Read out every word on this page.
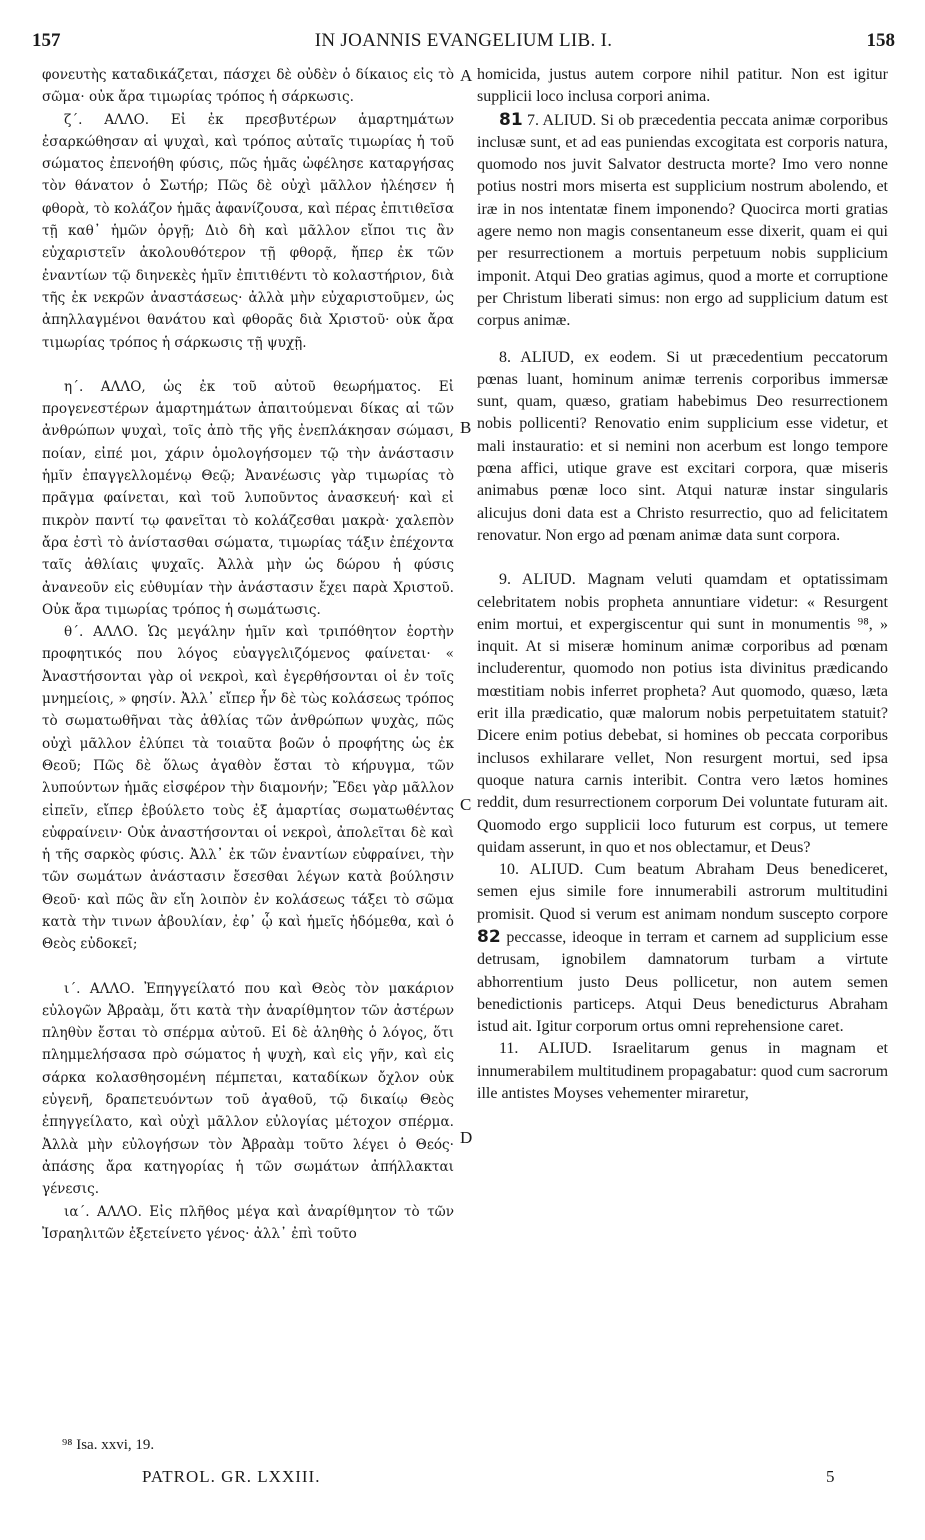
157	IN JOANNIS EVANGELIUM LIB. I.	158
A
B
C
D

φονευτὴς καταδικάζεται, πάσχει δὲ οὐδὲν ὁ δίκαιος εἰς τὸ σῶμα· οὐκ ἄρα τιμωρίας τρόπος ἡ σάρκωσις.

ζ΄. ΑΛΛΟ. Εἰ ἐκ πρεσβυτέρων ἁμαρτημάτων ἐσαρκώθησαν αἱ ψυχαὶ, καὶ τρόπος αὐταῖς τιμωρίας ἡ τοῦ σώματος ἐπενοήθη φύσις, πῶς ἡμᾶς ὠφέλησε καταργήσας τὸν θάνατον ὁ Σωτήρ; Πῶς δὲ οὐχὶ μᾶλλον ἠλέησεν ἡ φθορὰ, τὸ κολάζον ἡμᾶς ἀφανίζουσα, καὶ πέρας ἐπιτιθεῖσα τῇ καθ᾽ ἡμῶν ὀργῇ; Διὸ δὴ καὶ μᾶλλον εἴποι τις ἂν εὐχαριστεῖν ἀκολουθότερον τῇ φθορᾷ, ἤπερ ἐκ τῶν ἐναντίων τῷ διηνεκὲς ἡμῖν ἐπιτιθέντι τὸ κολαστήριον, διὰ τῆς ἐκ νεκρῶν ἀναστάσεως· ἀλλὰ μὴν εὐχαριστοῦμεν, ὡς ἀπηλλαγμένοι θανάτου καὶ φθορᾶς διὰ Χριστοῦ· οὐκ ἄρα τιμωρίας τρόπος ἡ σάρκωσις τῇ ψυχῇ.

η΄. ΑΛΛΟ, ὡς ἐκ τοῦ αὐτοῦ θεωρήματος. Εἰ προγενεστέρων ἁμαρτημάτων ἀπαιτούμεναι δίκας αἱ τῶν ἀνθρώπων ψυχαὶ, τοῖς ἀπὸ τῆς γῆς ἐνεπλάκησαν σώμασι, ποίαν, εἰπέ μοι, χάριν ὁμολογήσομεν τῷ τὴν ἀνάστασιν ἡμῖν ἐπαγγελλομένῳ Θεῷ; Ἀνανέωσις γὰρ τιμωρίας τὸ πρᾶγμα φαίνεται, καὶ τοῦ λυποῦντος ἀνασκευή· καὶ εἰ πικρὸν παντί τῳ φανεῖται τὸ κολάζεσθαι μακρὰ· χαλεπὸν ἄρα ἐστὶ τὸ ἀνίστασθαι σώματα, τιμωρίας τάξιν ἐπέχοντα ταῖς ἀθλίαις ψυχαῖς. Ἀλλὰ μὴν ὡς δώρου ἡ φύσις ἀνανεοῦν εἰς εὐθυμίαν τὴν ἀνάστασιν ἔχει παρὰ Χριστοῦ. Οὐκ ἄρα τιμωρίας τρόπος ἡ σωμάτωσις.

θ΄. ΑΛΛΟ. Ὡς μεγάλην ἡμῖν καὶ τριπόθητον ἑορτὴν προφητικός που λόγος εὐαγγελιζόμενος φαίνεται· « Ἀναστήσονται γὰρ οἱ νεκροὶ, καὶ ἐγερθήσονται οἱ ἐν τοῖς μνημείοις, » φησίν. Ἀλλ᾽ εἴπερ ἦν δὲ τὼς κολάσεως τρόπος τὸ σωματωθῆναι τὰς ἀθλίας τῶν ἀνθρώπων ψυχὰς, πῶς οὐχὶ μᾶλλον ἐλύπει τὰ τοιαῦτα βοῶν ὁ προφήτης ὡς ἐκ Θεοῦ; Πῶς δὲ ὅλως ἀγαθὸν ἔσται τὸ κήρυγμα, τῶν λυπούντων ἡμᾶς εἰσφέρον τὴν διαμονήν; Ἔδει γὰρ μᾶλλον εἰπεῖν, εἴπερ ἐβούλετο τοὺς ἐξ ἁμαρτίας σωματωθέντας εὐφραίνειν· Οὐκ ἀναστήσονται οἱ νεκροὶ, ἀπολεῖται δὲ καὶ ἡ τῆς σαρκὸς φύσις. Ἀλλ᾽ ἐκ τῶν ἐναντίων εὐφραίνει, τὴν τῶν σωμάτων ἀνάστασιν ἔσεσθαι λέγων κατὰ βούλησιν Θεοῦ· καὶ πῶς ἂν εἴη λοιπὸν ἐν κολάσεως τάξει τὸ σῶμα κατὰ τὴν τινων ἀβουλίαν, ἐφ᾽ ᾧ καὶ ἡμεῖς ἡδόμεθα, καὶ ὁ Θεὸς εὐδοκεῖ;

ι΄. ΑΛΛΟ. Ἐπηγγείλατό που καὶ Θεὸς τὸν μακάριον εὐλογῶν Ἀβραὰμ, ὅτι κατὰ τὴν ἀναρίθμητον τῶν ἀστέρων πληθὺν ἔσται τὸ σπέρμα αὐτοῦ. Εἰ δὲ ἀληθὴς ὁ λόγος, ὅτι πλημμελήσασα πρὸ σώματος ἡ ψυχὴ, καὶ εἰς γῆν, καὶ εἰς σάρκα κολασθησομένη πέμπεται, καταδίκων ὄχλον οὐκ εὐγενῆ, δραπετευόντων τοῦ ἀγαθοῦ, τῷ δικαίῳ Θεὸς ἐπηγγείλατο, καὶ οὐχὶ μᾶλλον εὐλογίας μέτοχον σπέρμα. Ἀλλὰ μὴν εὐλογήσων τὸν Ἀβραὰμ τοῦτο λέγει ὁ Θεός· ἀπάσης ἄρα κατηγορίας ἡ τῶν σωμάτων ἀπήλλακται γένεσις.

ια΄. ΑΛΛΟ. Εἰς πλῆθος μέγα καὶ ἀναρίθμητον τὸ τῶν Ἰσραηλιτῶν ἐξετείνετο γένος· ἀλλ᾽ ἐπὶ τοῦτο

homicida, justus autem corpore nihil patitur. Non est igitur supplicii loco inclusa corpori anima.

81 7. ALIUD. Si ob præcedentia peccata animæ corporibus inclusæ sunt, et ad eas puniendas excogitata est corporis natura, quomodo nos juvit Salvator destructa morte? Imo vero nonne potius nostri mors miserta est supplicium nostrum abolendo, et iræ in nos intentatæ finem imponendo? Quocirca morti gratias agere nemo non magis consentaneum esse dixerit, quam ei qui per resurrectionem a mortuis perpetuum nobis supplicium imponit. Atqui Deo gratias agimus, quod a morte et corruptione per Christum liberati simus: non ergo ad supplicium datum est corpus animæ.

8. ALIUD, ex eodem. Si ut præcedentium peccatorum pœnas luant, hominum animæ terrenis corporibus immersæ sunt, quam, quæso, gratiam habebimus Deo resurrectionem nobis pollicenti? Renovatio enim supplicium esse videtur, et mali instauratio: et si nemini non acerbum est longo tempore pœna affici, utique grave est excitari corpora, quæ miseris animabus pœnæ loco sint. Atqui naturæ instar singularis alicujus doni data est a Christo resurrectio, quo ad felicitatem renovatur. Non ergo ad pœnam animæ data sunt corpora.

9. ALIUD. Magnam veluti quamdam et optatissimam celebritatem nobis propheta annuntiare videtur: « Resurgent enim mortui, et expergiscentur qui sunt in monumentis ⁹⁸, » inquit. At si miseræ hominum animæ corporibus ad pœnam includerentur, quomodo non potius ista divinitus prædicando mœstitiam nobis inferret propheta? Aut quomodo, quæso, læta erit illa prædicatio, quæ malorum nobis perpetuitatem statuit? Dicere enim potius debebat, si homines ob peccata corporibus inclusos exhilarare vellet, Non resurgent mortui, sed ipsa quoque natura carnis interibit. Contra vero lætos homines reddit, dum resurrectionem corporum Dei voluntate futuram ait. Quomodo ergo supplicii loco futurum est corpus, ut temere quidam asserunt, in quo et nos oblectamur, et Deus?

10. ALIUD. Cum beatum Abraham Deus benediceret, semen ejus simile fore innumerabili astrorum multitudini promisit. Quod si verum est animam nondum suscepto corpore 82 peccasse, ideoque in terram et carnem ad supplicium esse detrusam, ignobilem damnatorum turbam a virtute abhorrentium justo Deus pollicetur, non autem semen benedictionis particeps. Atqui Deus benedicturus Abraham istud ait. Igitur corporum ortus omni reprehensione caret.

11. ALIUD. Israelitarum genus in magnam et innumerabilem multitudinem propagabatur: quod cum sacrorum ille antistes Moyses vehementer miraretur,

⁹⁸ Isa. xxvi, 19.
PATROL. GR. LXXIII.	5
